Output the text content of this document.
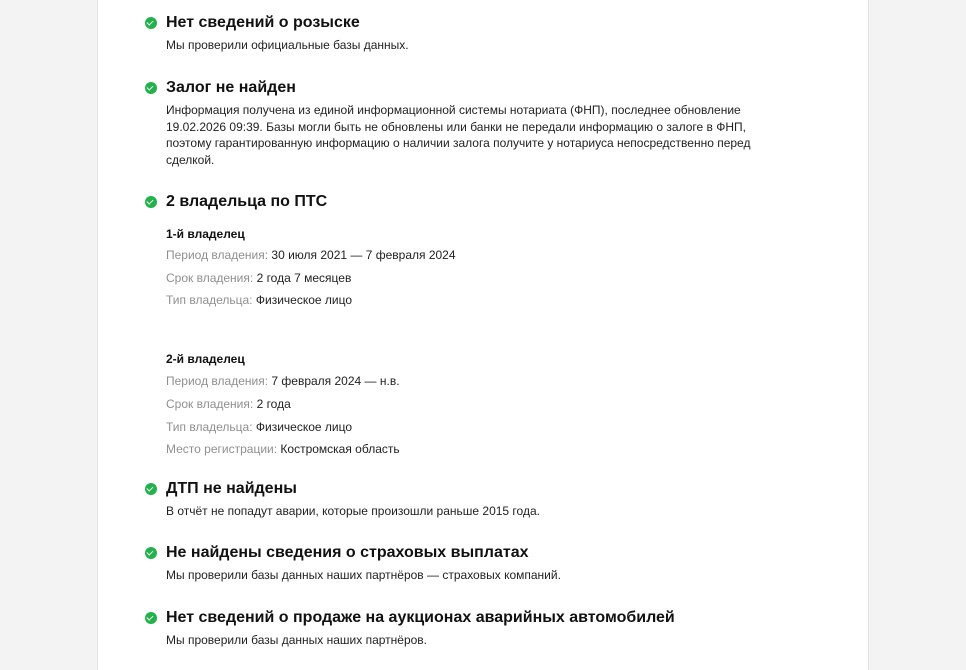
Нет сведений о розыске
Мы проверили официальные базы данных.
Залог не найден
Информация получена из единой информационной системы нотариата (ФНП), последнее обновление 19.02.2026 09:39. Базы могли быть не обновлены или банки не передали информацию о залоге в ФНП, поэтому гарантированную информацию о наличии залога получите у нотариуса непосредственно перед сделкой.
2 владельца по ПТС
1-й владелец
Период владения: 30 июля 2021 — 7 февраля 2024
Срок владения: 2 года 7 месяцев
Тип владельца: Физическое лицо
2-й владелец
Период владения: 7 февраля 2024 — н.в.
Срок владения: 2 года
Тип владельца: Физическое лицо
Место регистрации: Костромская область
ДТП не найдены
В отчёт не попадут аварии, которые произошли раньше 2015 года.
Не найдены сведения о страховых выплатах
Мы проверили базы данных наших партнёров — страховых компаний.
Нет сведений о продаже на аукционах аварийных автомобилей
Мы проверили базы данных наших партнёров.
